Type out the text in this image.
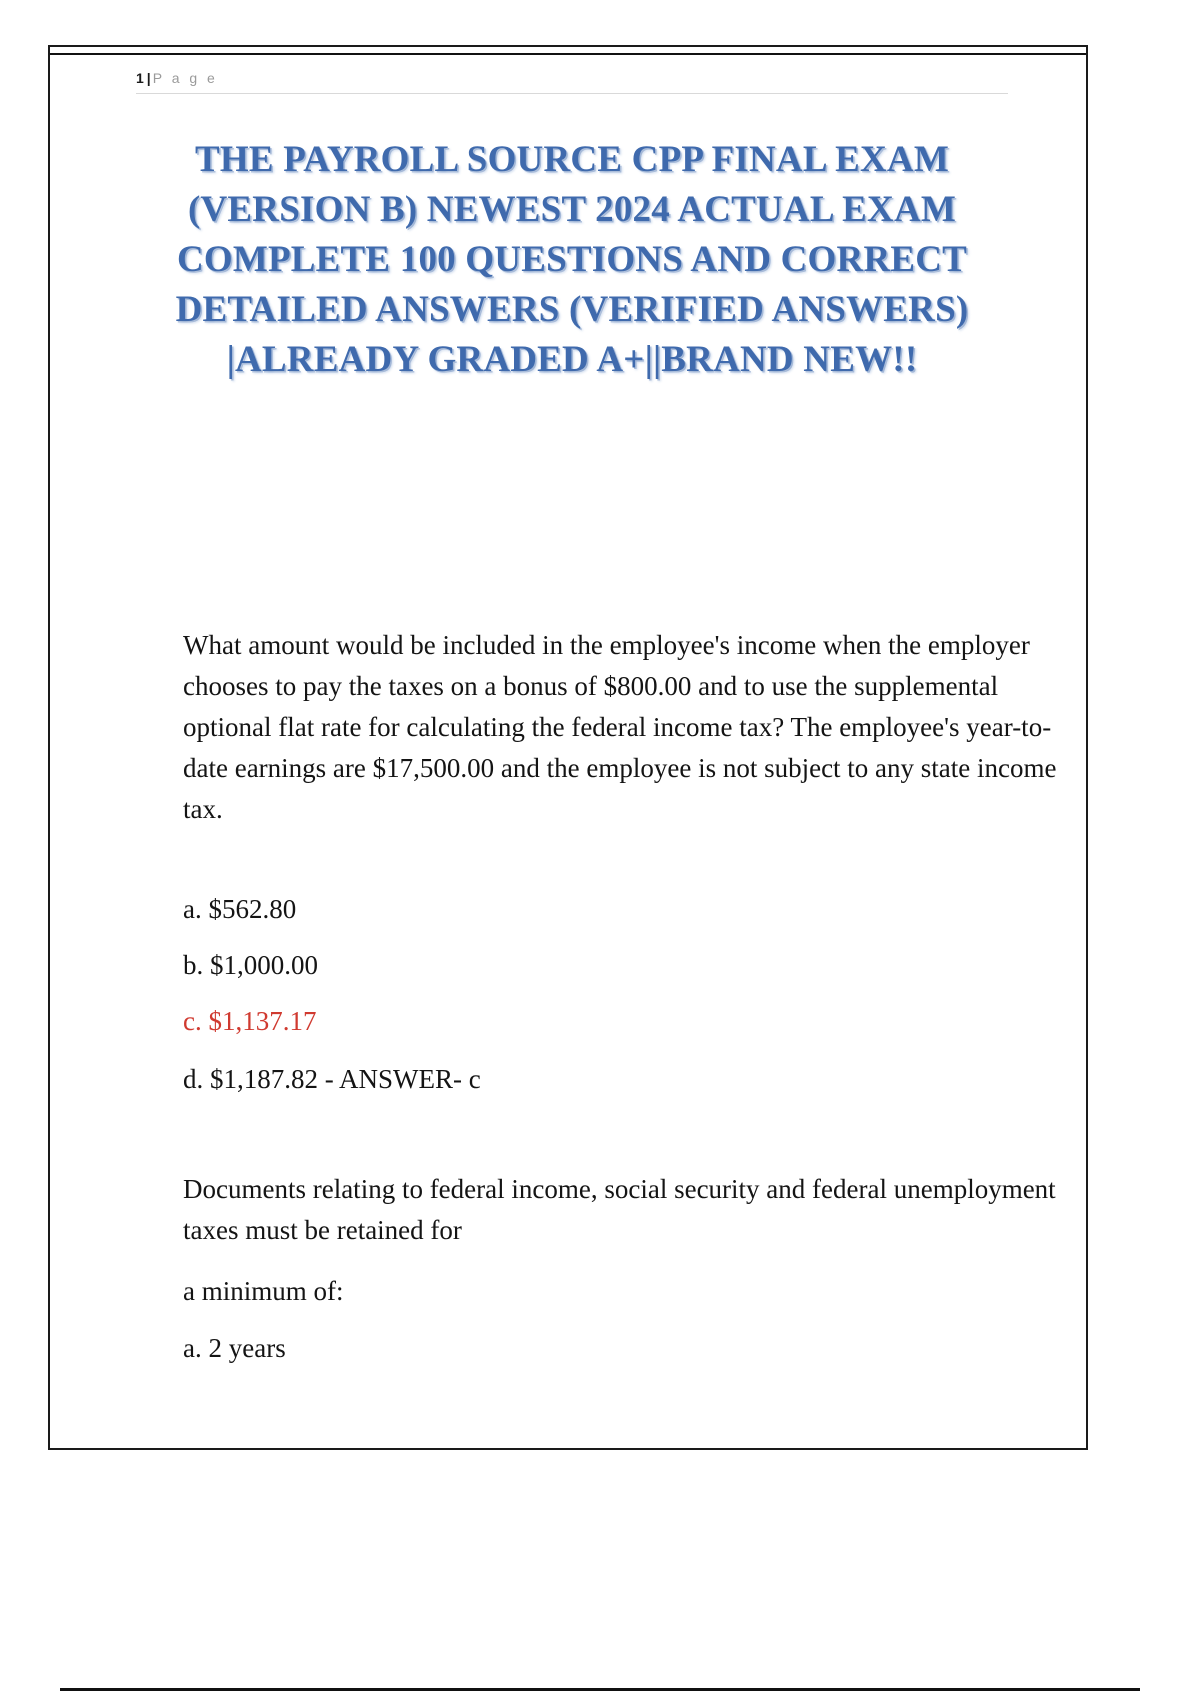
1 | P a g e
THE PAYROLL SOURCE CPP FINAL EXAM (VERSION B) NEWEST 2024 ACTUAL EXAM COMPLETE 100 QUESTIONS AND CORRECT DETAILED ANSWERS (VERIFIED ANSWERS) |ALREADY GRADED A+||BRAND NEW!!
What amount would be included in the employee's income when the employer chooses to pay the taxes on a bonus of $800.00 and to use the supplemental optional flat rate for calculating the federal income tax? The employee's year-to-date earnings are $17,500.00 and the employee is not subject to any state income tax.
a. $562.80
b. $1,000.00
c. $1,137.17
d. $1,187.82 - ANSWER- c
Documents relating to federal income, social security and federal unemployment taxes must be retained for
a minimum of:
a. 2 years
